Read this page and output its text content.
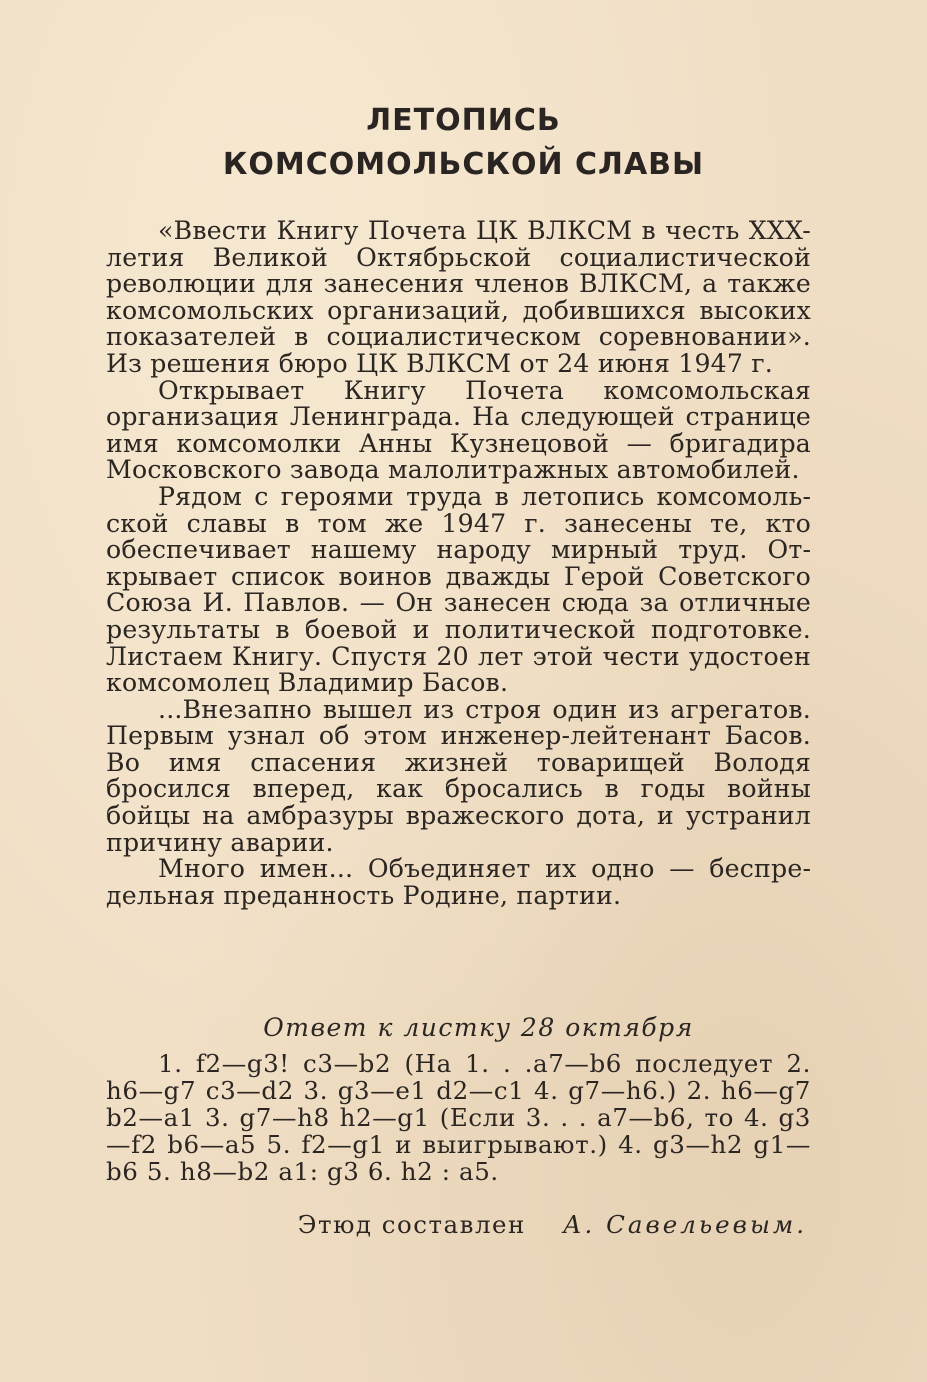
ЛЕТОПИСЬ
КОМСОМОЛЬСКОЙ СЛАВЫ

«Ввести Книгу Почета ЦК ВЛКСМ в честь XXX-летия Великой Октябрьской социалистической революции для занесения членов ВЛКСМ, а также комсомольских организаций, добившихся высоких показателей в социалистическом соревновании». Из решения бюро ЦК ВЛКСМ от 24 июня 1947 г.

Открывает Книгу Почета комсомольская организация Ленинграда. На следующей странице имя комсомолки Анны Кузнецовой — бригадира Московского завода малолитражных автомобилей.

Рядом с героями труда в летопись комсомольской славы в том же 1947 г. занесены те, кто обеспечивает нашему народу мирный труд. Открывает список воинов дважды Герой Советского Союза И. Павлов. — Он занесен сюда за отличные результаты в боевой и политической подготовке. Листаем Книгу. Спустя 20 лет этой чести удостоен комсомолец Владимир Басов.

...Внезапно вышел из строя один из агрегатов. Первым узнал об этом инженер-лейтенант Басов. Во имя спасения жизней товарищей Володя бросился вперед, как бросались в годы войны бойцы на амбразуры вражеского дота, и устранил причину аварии.

Много имен... Объединяет их одно — беспредельная преданность Родине, партии.

Ответ к листку 28 октября
1. f2—g3! c3—b2 (На 1. . .a7—b6 последует 2. h6—g7 c3—d2 3. g3—e1 d2—c1 4. g7—h6.) 2. h6—g7 b2—a1 3. g7—h8 h2—g1 (Если 3. . . a7—b6, то 4. g3—f2 b6—a5 5. f2—g1 и выигрывают.) 4. g3—h2 g1—b6 5. h8—b2 a1: g3 6. h2 : a5.
Этюд составлен А. Савельевым.
